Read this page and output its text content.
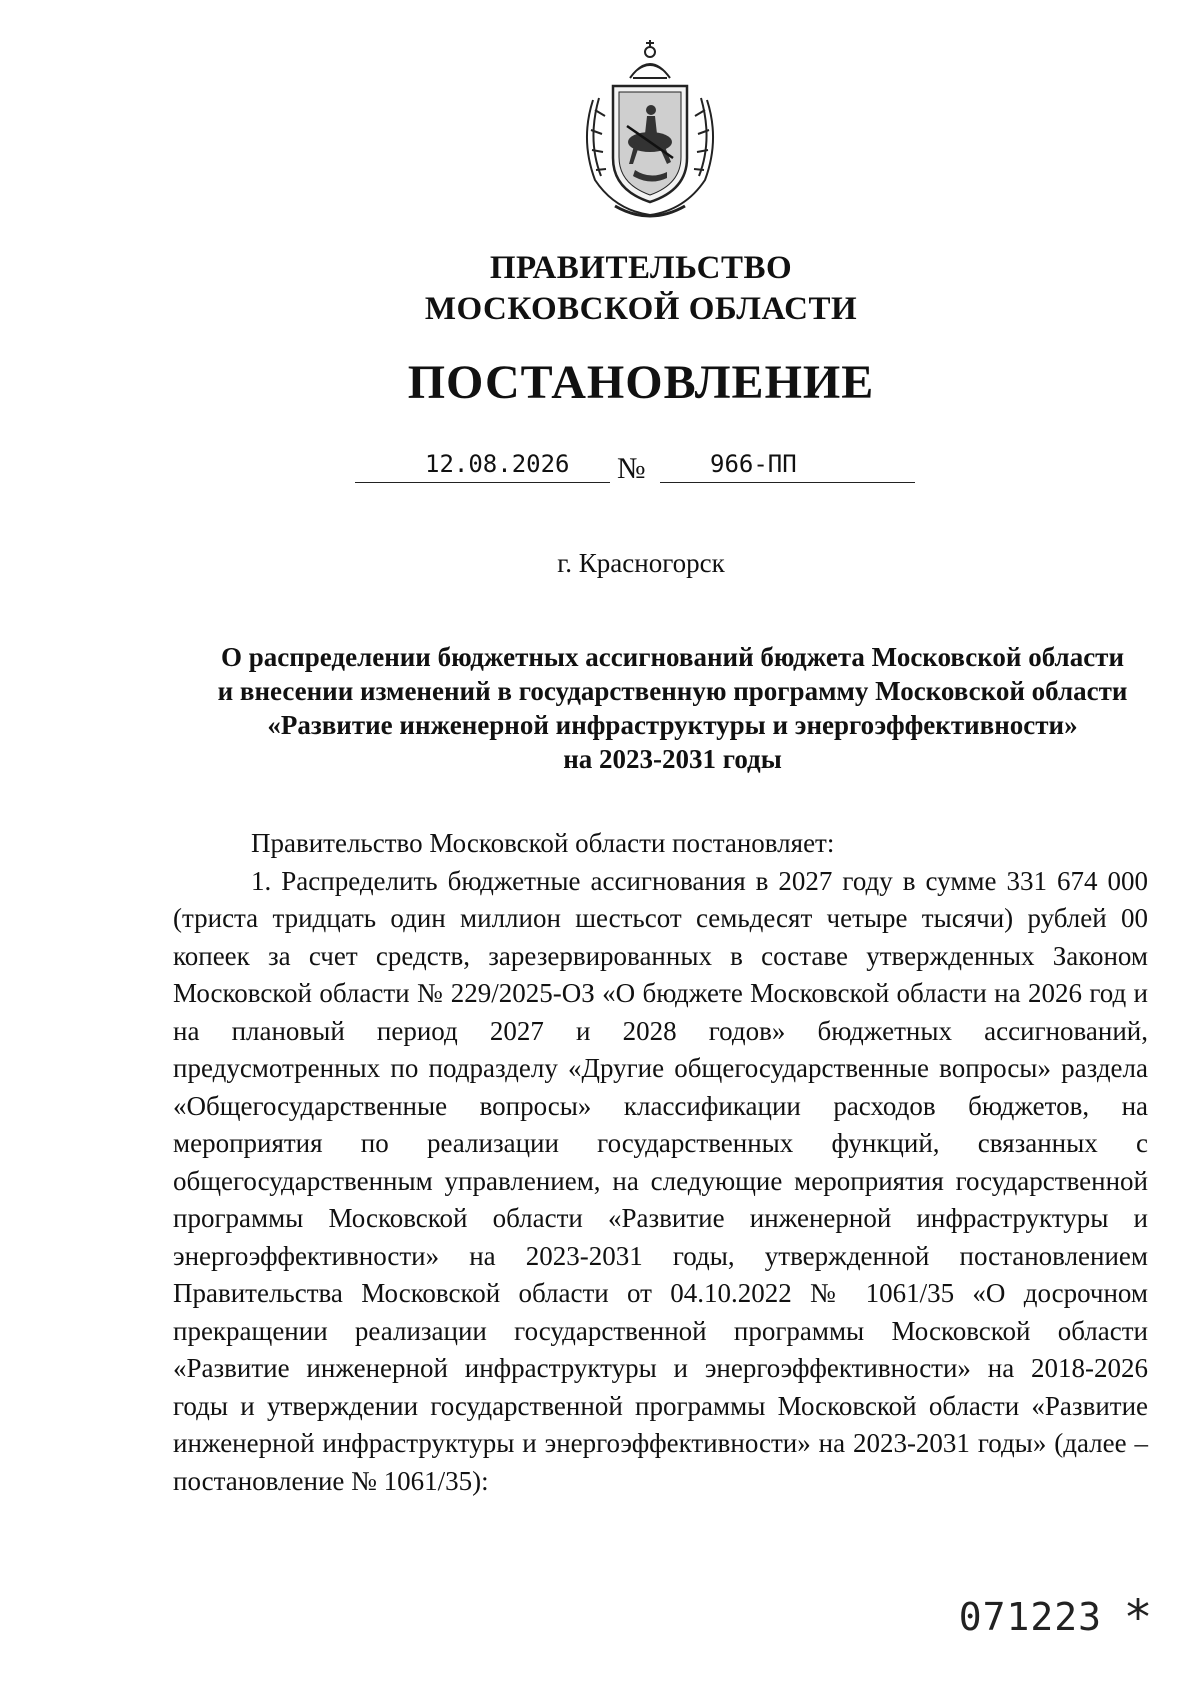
ПРАВИТЕЛЬСТВО
МОСКОВСКОЙ ОБЛАСТИ
ПОСТАНОВЛЕНИЕ
12.08.2026 №	966-ПП
г. Красногорск
О распределении бюджетных ассигнований бюджета Московской области
и внесении изменений в государственную программу Московской области
«Развитие инженерной инфраструктуры и энергоэффективности»
на 2023-2031 годы

Правительство Московской области постановляет:

1. Распределить бюджетные ассигнования в 2027 году в сумме 331 674 000 (триста тридцать один миллион шестьсот семьдесят четыре тысячи) рублей 00 копеек за счет средств, зарезервированных в составе утвержденных Законом Московской области № 229/2025-ОЗ «О бюджете Московской области на 2026 год и на плановый период 2027 и 2028 годов» бюджетных ассигнований, предусмотренных по подразделу «Другие общегосударственные вопросы» раздела «Общегосударственные вопросы» классификации расходов бюджетов, на мероприятия по реализации государственных функций, связанных с общегосударственным управлением, на следующие мероприятия государственной программы Московской области «Развитие инженерной инфраструктуры и энергоэффективности» на 2023-2031 годы, утвержденной постановлением Правительства Московской области от 04.10.2022 № 1061/35 «О досрочном прекращении реализации государственной программы Московской области «Развитие инженерной инфраструктуры и энергоэффективности» на 2018-2026 годы и утверждении государственной программы Московской области «Развитие инженерной инфраструктуры и энергоэффективности» на 2023-2031 годы» (далее – постановление № 1061/35):

071223 *
